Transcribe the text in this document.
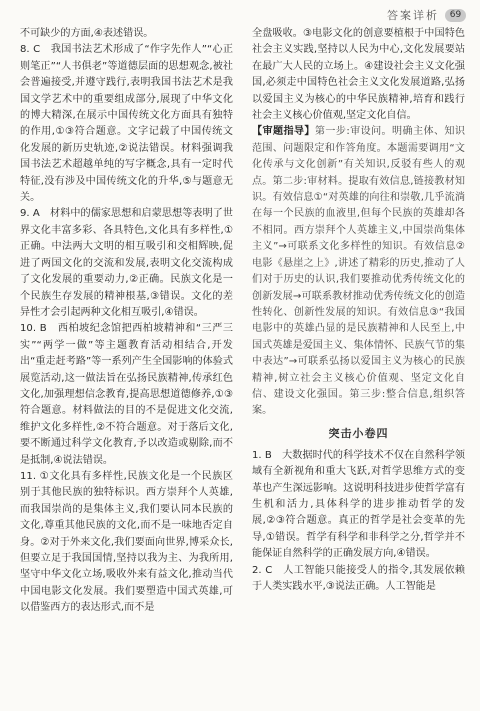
答案详析	69

不可缺少的方面,④表述错误。

8. C　我国书法艺术形成了“作字先作人”“心正则笔正”“人书俱老”等道德层面的思想观念,被社会普遍接受,并遵守践行,表明我国书法艺术是我国文学艺术中的重要组成部分,展现了中华文化的博大精深,在展示中国传统文化方面具有独特的作用,①③符合题意。文字记载了中国传统文化发展的新历史轨迹,②说法错误。材料强调我国书法艺术超越单纯的写字概念,具有一定时代特征,没有涉及中国传统文化的升华,⑤与题意无关。

9. A　材料中的儒家思想和启蒙思想等表明了世界文化丰富多彩、各具特色,文化具有多样性,①正确。中法两大文明的相互吸引和交相辉映,促进了两国文化的交流和发展,表明文化交流构成了文化发展的重要动力,②正确。民族文化是一个民族生存发展的精神根基,③错误。文化的差异性才会引起两种文化相互吸引,④错误。

10. B　西柏坡纪念馆把西柏坡精神和“三严三实”“两学一做”等主题教育活动相结合,开发出“重走赶考路”等一系列产生全国影响的体验式展览活动,这一做法旨在弘扬民族精神,传承红色文化,加强理想信念教育,提高思想道德修养,①③符合题意。材料做法的目的不是促进文化交流,维护文化多样性,②不符合题意。对于落后文化,要不断通过科学文化教育,予以改造或剔除,而不是抵制,④说法错误。

11. ①文化具有多样性,民族文化是一个民族区别于其他民族的独特标识。西方崇拜个人英雄,而我国崇尚的是集体主义,我们要认同本民族的文化,尊重其他民族的文化,而不是一味地否定自身。②对于外来文化,我们要面向世界,博采众长,但要立足于我国国情,坚持以我为主、为我所用,坚守中华文化立场,吸收外来有益文化,推动当代中国电影文化发展。我们要塑造中国式英雄,可以借鉴西方的表达形式,而不是

全盘吸收。③电影文化的创意要植根于中国特色社会主义实践,坚持以人民为中心,文化发展要站在最广大人民的立场上。④建设社会主义文化强国,必须走中国特色社会主义文化发展道路,弘扬以爱国主义为核心的中华民族精神,培育和践行社会主义核心价值观,坚定文化自信。

【审题指导】第一步:审设问。明确主体、知识范围、问题限定和作答角度。本题需要调用“文化传承与文化创新”有关知识,反驳有些人的观点。第二步:审材料。提取有效信息,链接教材知识。有效信息①“对英雄的向往和崇敬,几乎流淌在每一个民族的血液里,但每个民族的英雄却各不相同。西方崇拜个人英雄主义,中国崇尚集体主义”→可联系文化多样性的知识。有效信息②电影《悬崖之上》,讲述了精彩的历史,推动了人们对于历史的认识,我们要推动优秀传统文化的创新发展→可联系教材推动优秀传统文化的创造性转化、创新性发展的知识。有效信息③“我国电影中的英雄凸显的是民族精神和人民至上,中国式英雄是爱国主义、集体情怀、民族气节的集中表达”→可联系弘扬以爱国主义为核心的民族精神,树立社会主义核心价值观、坚定文化自信、建设文化强国。第三步:整合信息,组织答案。

突击小卷四

1. B　大数据时代的科学技术不仅在自然科学领域有全新视角和重大飞跃,对哲学思维方式的变革也产生深远影响。这说明科技进步使哲学富有生机和活力,具体科学的进步推动哲学的发展,②③符合题意。真正的哲学是社会变革的先导,①错误。哲学有科学和非科学之分,哲学并不能保证自然科学的正确发展方向,④错误。

2. C　人工智能只能接受人的指令,其发展依赖于人类实践水平,③说法正确。人工智能是
